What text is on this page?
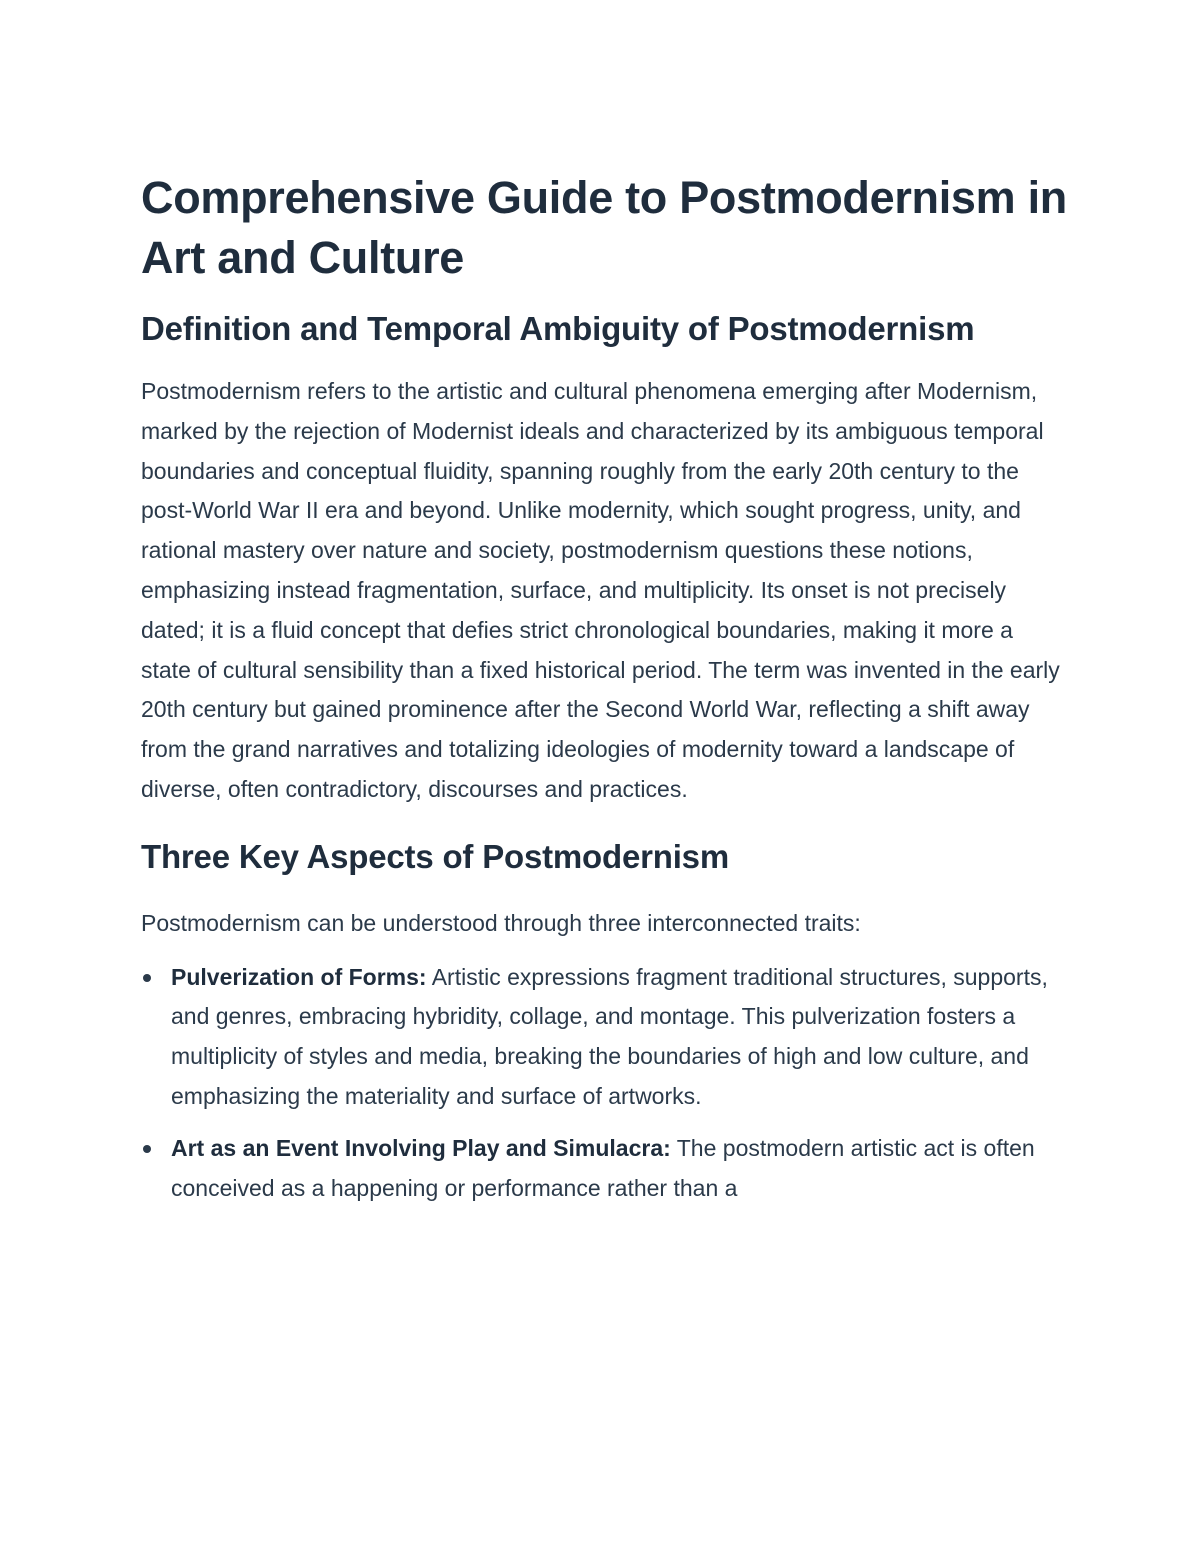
Comprehensive Guide to Postmodernism in Art and Culture
Definition and Temporal Ambiguity of Postmodernism

Postmodernism refers to the artistic and cultural phenomena emerging after Modernism, marked by the rejection of Modernist ideals and characterized by its ambiguous temporal boundaries and conceptual fluidity, spanning roughly from the early 20th century to the post-World War II era and beyond. Unlike modernity, which sought progress, unity, and rational mastery over nature and society, postmodernism questions these notions, emphasizing instead fragmentation, surface, and multiplicity. Its onset is not precisely dated; it is a fluid concept that defies strict chronological boundaries, making it more a state of cultural sensibility than a fixed historical period. The term was invented in the early 20th century but gained prominence after the Second World War, reflecting a shift away from the grand narratives and totalizing ideologies of modernity toward a landscape of diverse, often contradictory, discourses and practices.

Three Key Aspects of Postmodernism

Postmodernism can be understood through three interconnected traits:

Pulverization of Forms: Artistic expressions fragment traditional structures, supports, and genres, embracing hybridity, collage, and montage. This pulverization fosters a multiplicity of styles and media, breaking the boundaries of high and low culture, and emphasizing the materiality and surface of artworks.
Art as an Event Involving Play and Simulacra: The postmodern artistic act is often conceived as a happening or performance rather than a
